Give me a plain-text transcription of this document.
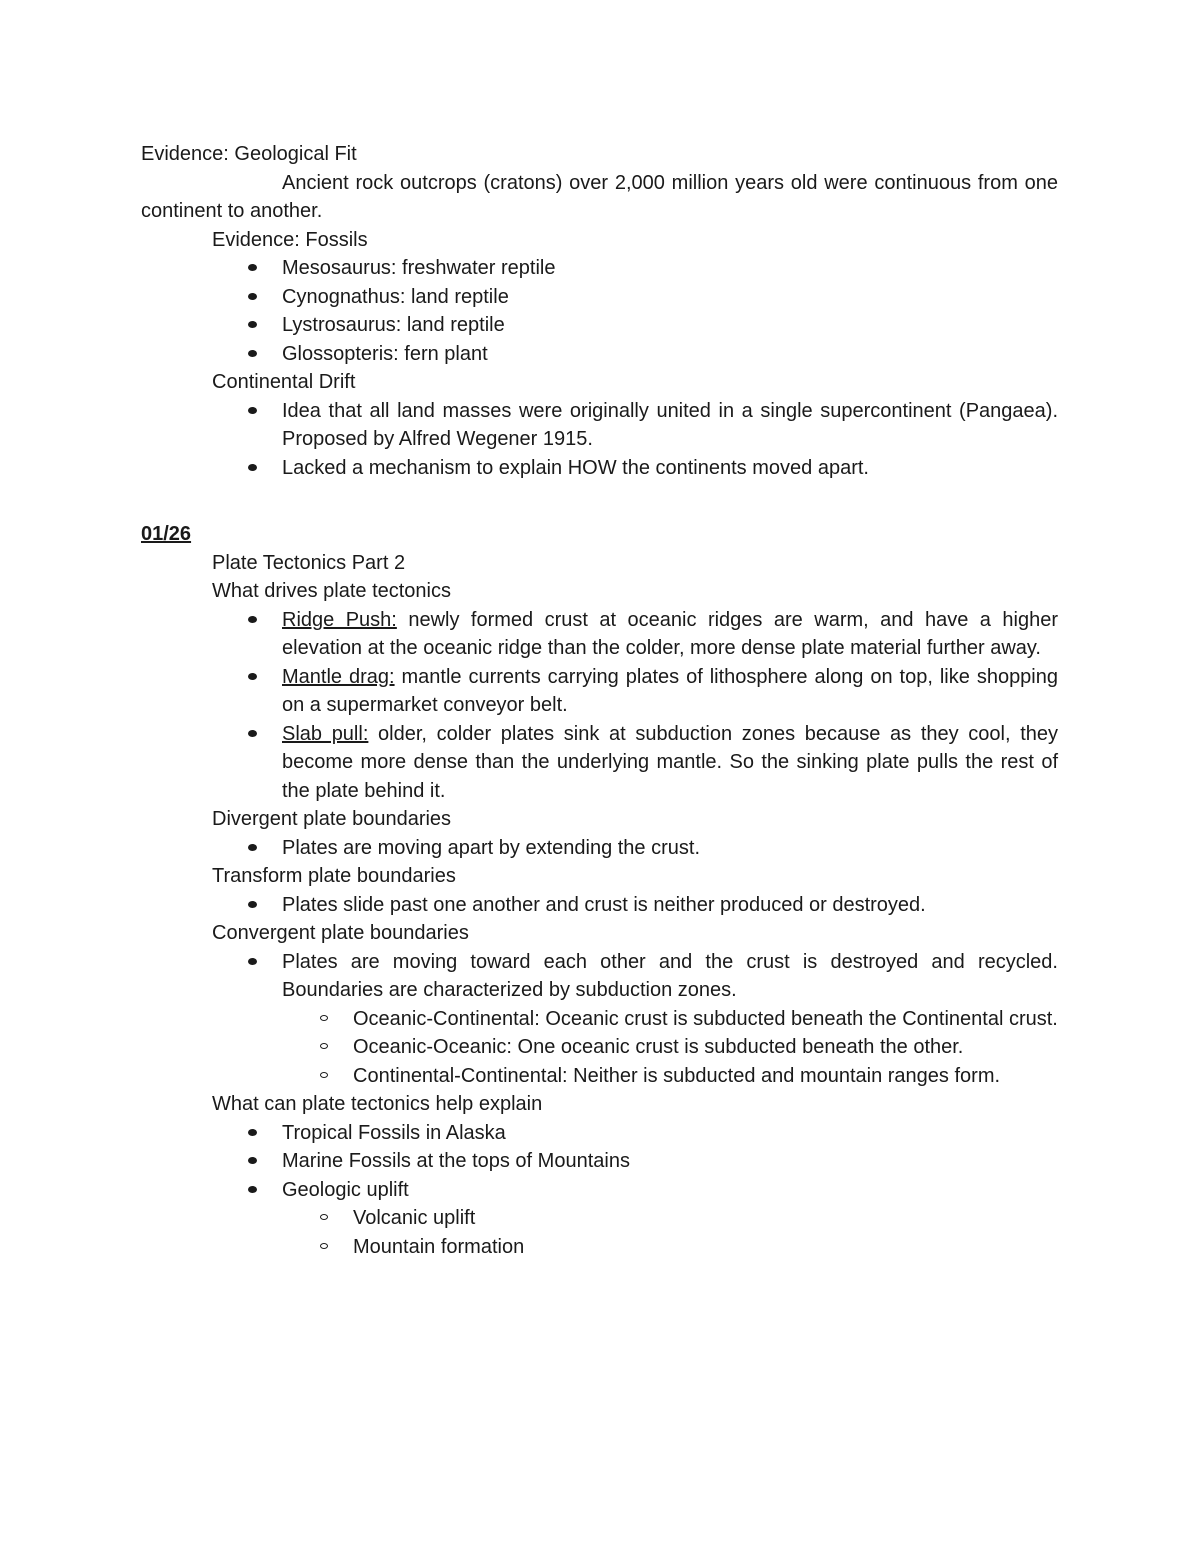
Evidence: Geological Fit

Ancient rock outcrops (cratons) over 2,000 million years old were continuous from one continent to another.

Evidence: Fossils

Mesosaurus: freshwater reptile
Cynognathus: land reptile
Lystrosaurus: land reptile
Glossopteris: fern plant

Continental Drift

Idea that all land masses were originally united in a single supercontinent (Pangaea). Proposed by Alfred Wegener 1915.
Lacked a mechanism to explain HOW the continents moved apart.

01/26

Plate Tectonics Part 2

What drives plate tectonics

Ridge Push: newly formed crust at oceanic ridges are warm, and have a higher elevation at the oceanic ridge than the colder, more dense plate material further away.
Mantle drag: mantle currents carrying plates of lithosphere along on top, like shopping on a supermarket conveyor belt.
Slab pull: older, colder plates sink at subduction zones because as they cool, they become more dense than the underlying mantle. So the sinking plate pulls the rest of the plate behind it.

Divergent plate boundaries

Plates are moving apart by extending the crust.

Transform plate boundaries

Plates slide past one another and crust is neither produced or destroyed.

Convergent plate boundaries

Plates are moving toward each other and the crust is destroyed and recycled. Boundaries are characterized by subduction zones.
Oceanic-Continental: Oceanic crust is subducted beneath the Continental crust.
Oceanic-Oceanic: One oceanic crust is subducted beneath the other.
Continental-Continental: Neither is subducted and mountain ranges form.

What can plate tectonics help explain

Tropical Fossils in Alaska
Marine Fossils at the tops of Mountains
Geologic uplift
Volcanic uplift
Mountain formation
